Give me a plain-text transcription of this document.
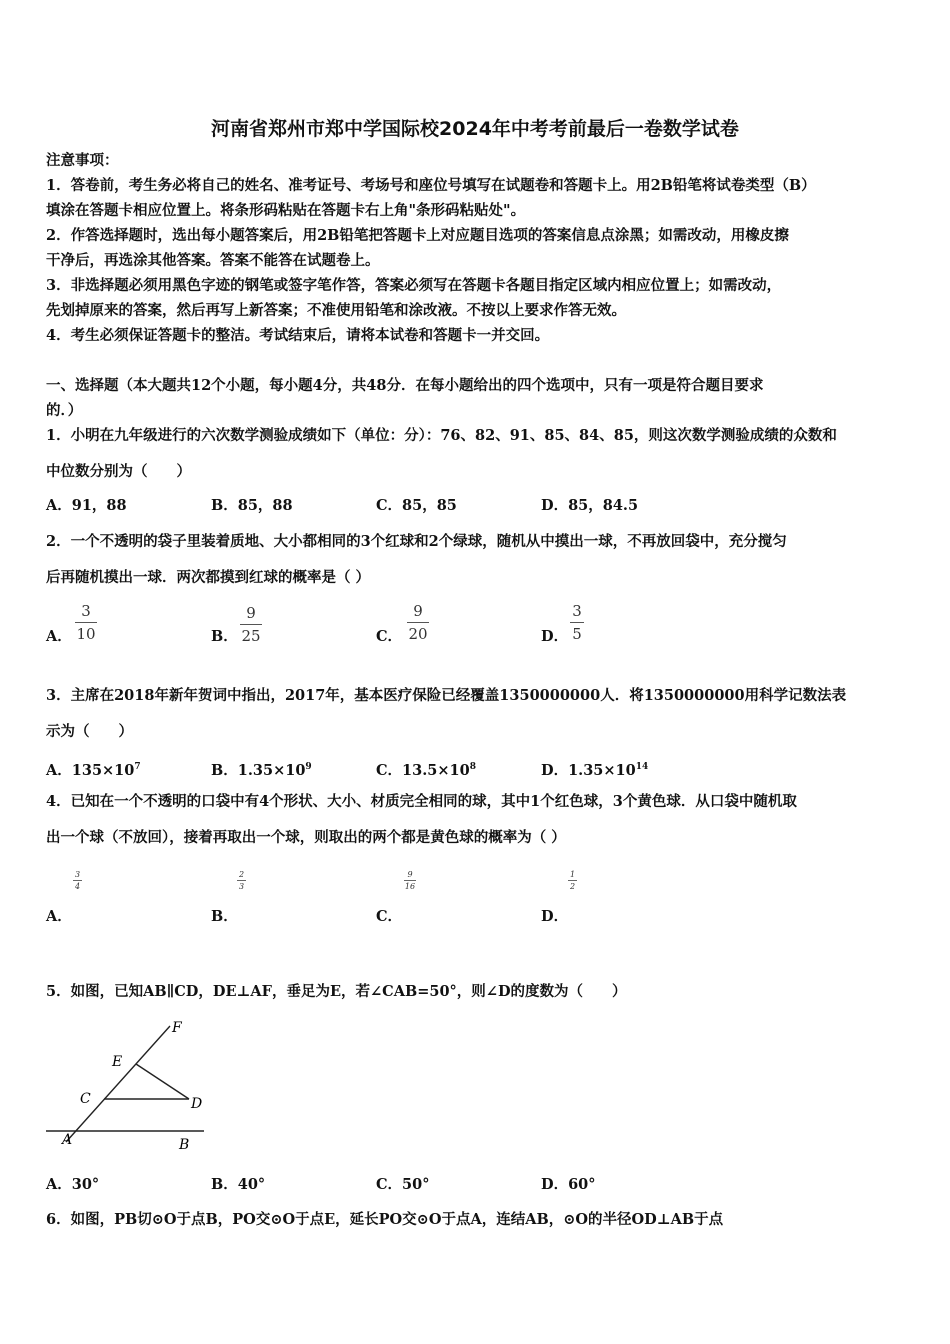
河南省郑州市郑中学国际校2024年中考考前最后一卷数学试卷
注意事项：
1．答卷前，考生务必将自己的姓名、准考证号、考场号和座位号填写在试题卷和答题卡上。用2B铅笔将试卷类型（B）
填涂在答题卡相应位置上。将条形码粘贴在答题卡右上角"条形码粘贴处"。
2．作答选择题时，选出每小题答案后，用2B铅笔把答题卡上对应题目选项的答案信息点涂黑；如需改动，用橡皮擦
干净后，再选涂其他答案。答案不能答在试题卷上。
3．非选择题必须用黑色字迹的钢笔或签字笔作答，答案必须写在答题卡各题目指定区域内相应位置上；如需改动，
先划掉原来的答案，然后再写上新答案；不准使用铅笔和涂改液。不按以上要求作答无效。
4．考生必须保证答题卡的整洁。考试结束后，请将本试卷和答题卡一并交回。
一、选择题（本大题共12个小题，每小题4分，共48分．在每小题给出的四个选项中，只有一项是符合题目要求
的．）
1．小明在九年级进行的六次数学测验成绩如下（单位：分）：76、82、91、85、84、85，则这次数学测验成绩的众数和
中位数分别为（　　）
A．91，88	B．85，88	C．85，85	D．85，84.5
2．一个不透明的袋子里装着质地、大小都相同的3个红球和2个绿球，随机从中摸出一球，不再放回袋中，充分搅匀
后再随机摸出一球．两次都摸到红球的概率是（ ）
A．
3
10	B．
9
25	C．
9
20	D．
3
5
3．主席在2018年新年贺词中指出，2017年，基本医疗保险已经覆盖1350000000人．将1350000000用科学记数法表
示为（　　）
A．$135\times 10^7$	B．$1.35\times 10^9$	C．$13.5\times 10^8$	D．$1.35\times 10^{14}$
4．已知在一个不透明的口袋中有4个形状、大小、材质完全相同的球，其中1个红色球，3个黄色球．从口袋中随机取
出一个球（不放回），接着再取出一个球，则取出的两个都是黄色球的概率为（ ）
3
4
2
3
9
16
1
2
A．	B．	C．	D．
5．如图，已知AB∥CD，DE⊥AF，垂足为E，若∠CAB=50°，则∠D的度数为（　　）
F
E
C	D
A	B
A．30°	B．40°	C．50°	D．60°
6．如图，PB切⊙O于点B，PO交⊙O于点E，延长PO交⊙O于点A，连结AB，⊙O的半径OD⊥AB于点
